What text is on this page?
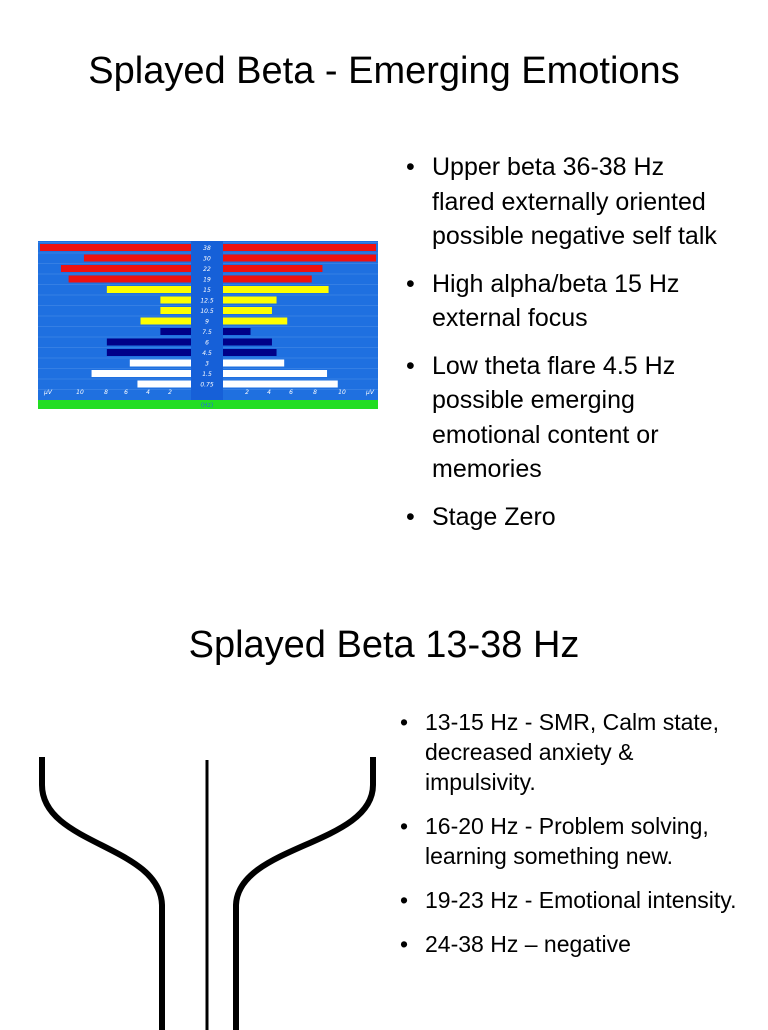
Splayed Beta - Emerging Emotions
38
30
22
19
15
12.5
10.5
9
7.5
6
4.5
3
1.5
0.75
µV	10	8	6	4	2	2	4	6	8	10	µV
(Hz)
• Upper beta 36-38 Hz flared externally oriented possible negative self talk
• High alpha/beta 15 Hz external focus
• Low theta flare 4.5 Hz possible emerging emotional content or memories
• Stage Zero
Splayed Beta 13-38 Hz
• 13-15 Hz - SMR, Calm state, decreased anxiety & impulsivity.
• 16-20 Hz - Problem solving, learning something new.
• 19-23 Hz - Emotional intensity.
• 24-38 Hz – negative
